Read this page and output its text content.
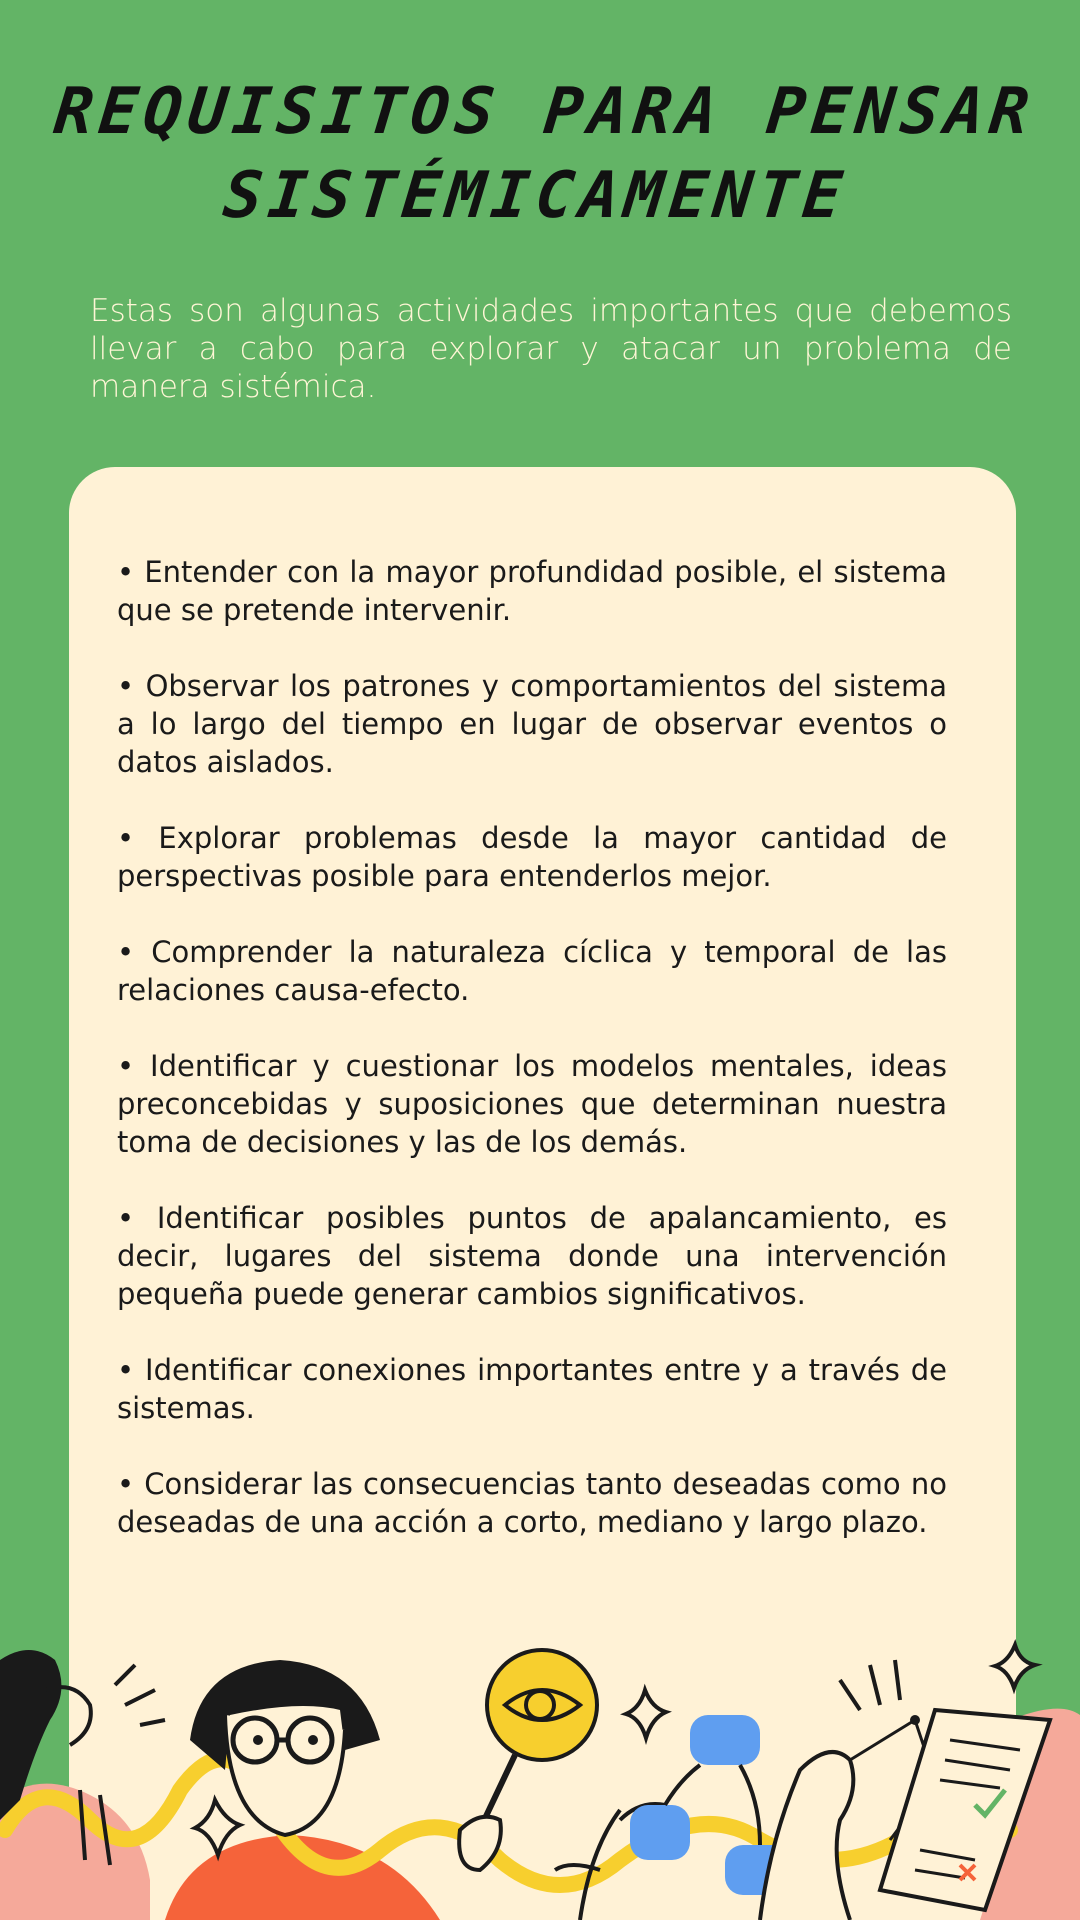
REQUISITOS PARA PENSAR
SISTÉMICAMENTE

Estas son algunas actividades importantes que debemos llevar a cabo para explorar y atacar un problema de manera sistémica.

• Entender con la mayor profundidad posible, el sistema que se pretende intervenir.
• Observar los patrones y comportamientos del sistema a lo largo del tiempo en lugar de observar eventos o datos aislados.
• Explorar problemas desde la mayor cantidad de perspectivas posible para entenderlos mejor.
• Comprender la naturaleza cíclica y temporal de las relaciones causa-efecto.
• Identificar y cuestionar los modelos mentales, ideas preconcebidas y suposiciones que determinan nuestra toma de decisiones y las de los demás.
• Identificar posibles puntos de apalancamiento, es decir, lugares del sistema donde una intervención pequeña puede generar cambios significativos.
• Identificar conexiones importantes entre y a través de sistemas.
• Considerar las consecuencias tanto deseadas como no deseadas de una acción a corto, mediano y largo plazo.
